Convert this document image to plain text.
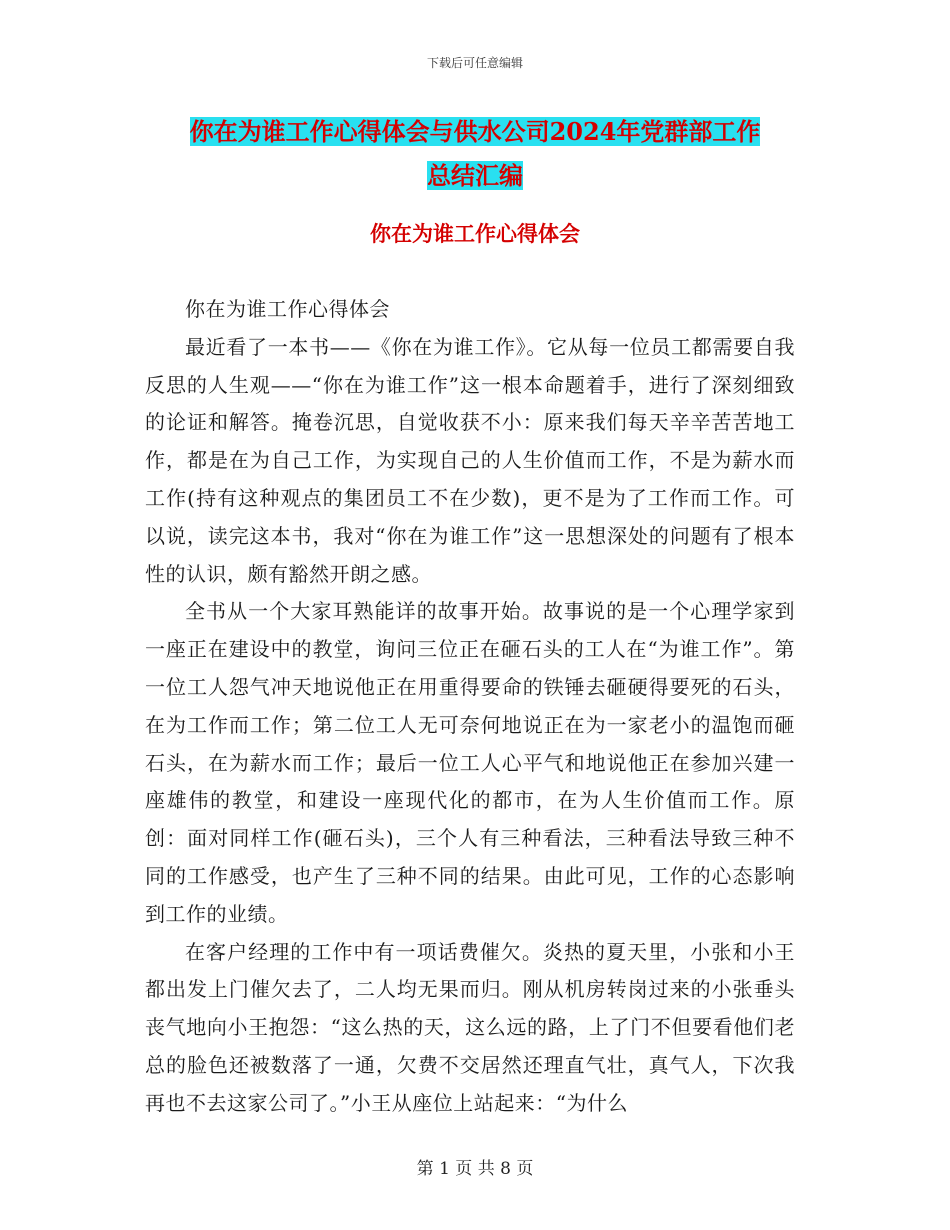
下载后可任意编辑
你在为谁工作心得体会与供水公司2024年党群部工作
总结汇编
你在为谁工作心得体会

你在为谁工作心得体会

最近看了一本书——《你在为谁工作》。它从每一位员工都需要自我反思的人生观——“你在为谁工作”这一根本命题着手，进行了深刻细致的论证和解答。掩卷沉思，自觉收获不小：原来我们每天辛辛苦苦地工作，都是在为自己工作，为实现自己的人生价值而工作，不是为薪水而工作(持有这种观点的集团员工不在少数)，更不是为了工作而工作。可以说，读完这本书，我对“你在为谁工作”这一思想深处的问题有了根本性的认识，颇有豁然开朗之感。

全书从一个大家耳熟能详的故事开始。故事说的是一个心理学家到一座正在建设中的教堂，询问三位正在砸石头的工人在“为谁工作”。第一位工人怨气冲天地说他正在用重得要命的铁锤去砸硬得要死的石头，在为工作而工作；第二位工人无可奈何地说正在为一家老小的温饱而砸石头，在为薪水而工作；最后一位工人心平气和地说他正在参加兴建一座雄伟的教堂，和建设一座现代化的都市，在为人生价值而工作。原创：面对同样工作(砸石头)，三个人有三种看法，三种看法导致三种不同的工作感受，也产生了三种不同的结果。由此可见，工作的心态影响到工作的业绩。

在客户经理的工作中有一项话费催欠。炎热的夏天里，小张和小王都出发上门催欠去了，二人均无果而归。刚从机房转岗过来的小张垂头丧气地向小王抱怨：“这么热的天，这么远的路，上了门不但要看他们老总的脸色还被数落了一通，欠费不交居然还理直气壮，真气人，下次我再也不去这家公司了。”小王从座位上站起来：“为什么

第 1 页 共 8 页
